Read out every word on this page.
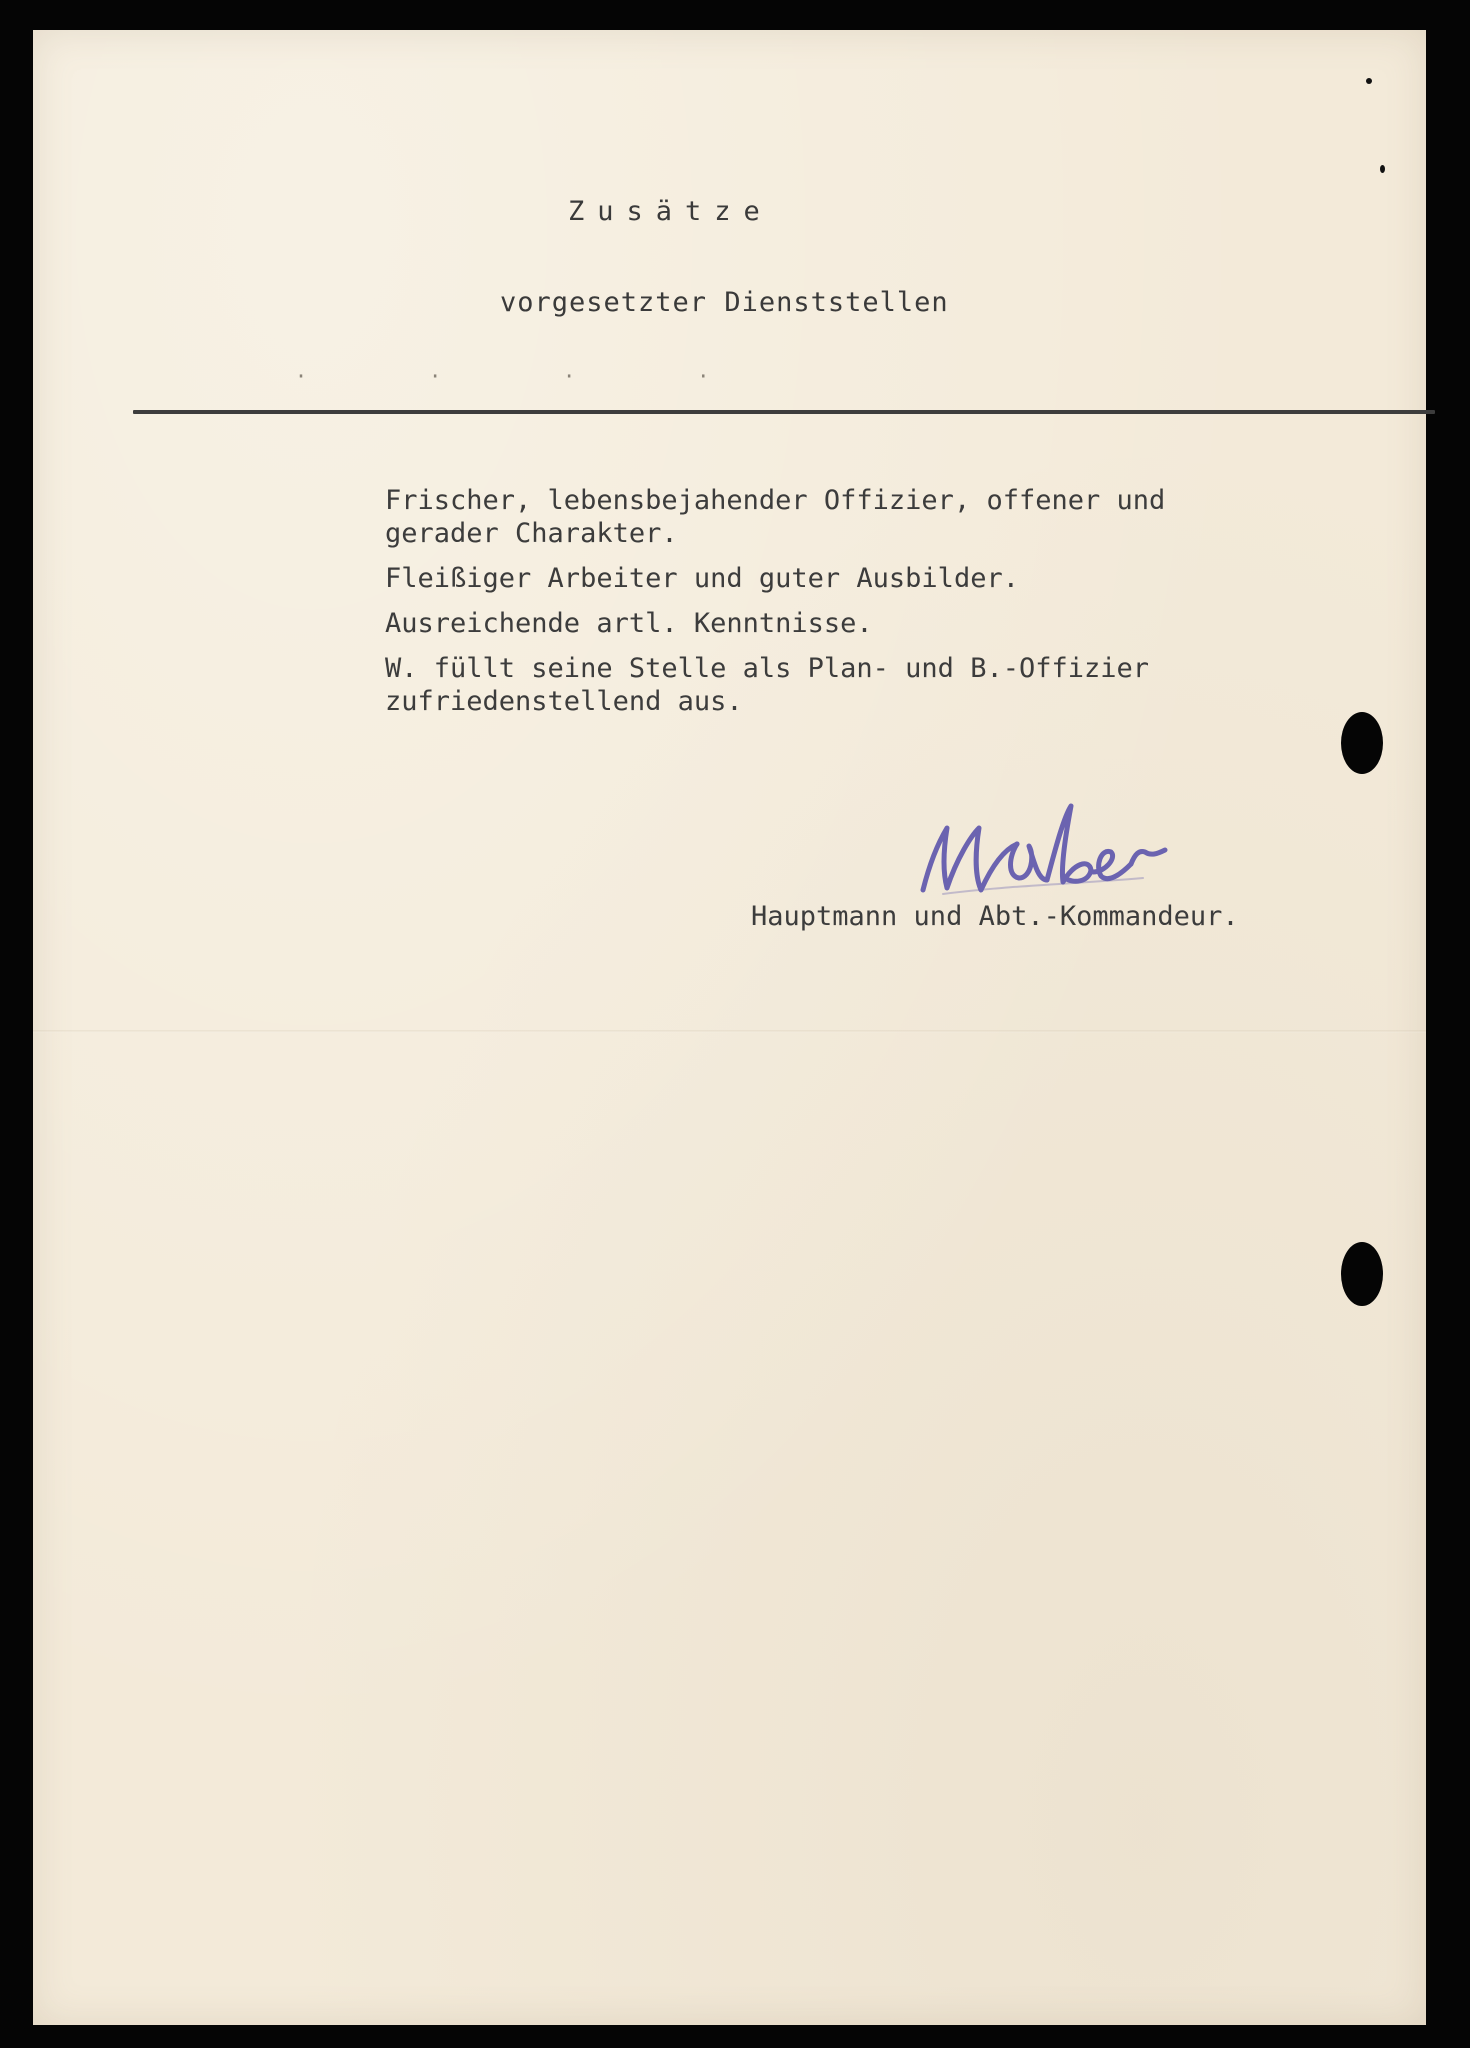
Zusätze
vorgesetzter Dienststellen
· · · ·

Frischer, lebensbejahender Offizier, offener und
gerader Charakter.

Fleißiger Arbeiter und guter Ausbilder.

Ausreichende artl. Kenntnisse.

W. füllt seine Stelle als Plan- und B.-Offizier
zufriedenstellend aus.

Hauptmann und Abt.-Kommandeur.
